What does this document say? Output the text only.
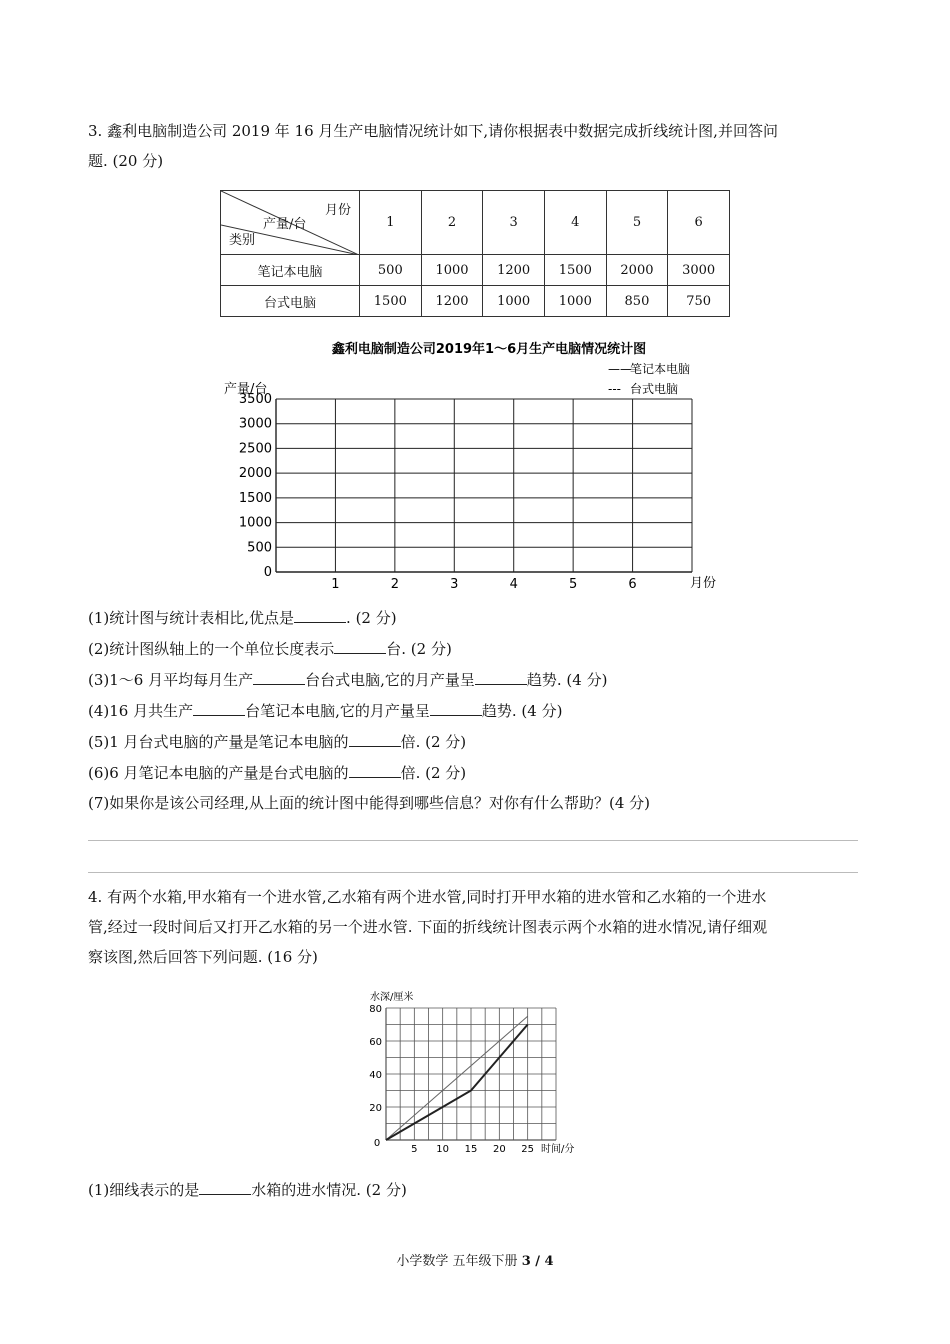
3. 鑫利电脑制造公司 2019 年 16 月生产电脑情况统计如下,请你根据表中数据完成折线统计图,并回答问
题. (20 分)
月份
产量/台
类别	1	2	3	4	5	6
笔记本电脑	500	1000	1200	1500	2000	3000
台式电脑	1500	1200	1000	1000	850	750
鑫利电脑制造公司2019年1～6月生产电脑情况统计图
——
笔记本电脑
--- 台式电脑
产量/台
月份
0
500
1000
1500
2000
2500
3000
3500
1	2	3	4	5	6
(1)统计图与统计表相比,优点是	. (2 分)
(2)统计图纵轴上的一个单位长度表示	台. (2 分)
(3)1～6 月平均每月生产	台台式电脑,它的月产量呈	趋势. (4 分)
(4)16 月共生产	台笔记本电脑,它的月产量呈	趋势. (4 分)
(5)1 月台式电脑的产量是笔记本电脑的	倍. (2 分)
(6)6 月笔记本电脑的产量是台式电脑的	倍. (2 分)
(7)如果你是该公司经理,从上面的统计图中能得到哪些信息？对你有什么帮助？(4 分)
4. 有两个水箱,甲水箱有一个进水管,乙水箱有两个进水管,同时打开甲水箱的进水管和乙水箱的一个进水
管,经过一段时间后又打开乙水箱的另一个进水管. 下面的折线统计图表示两个水箱的进水情况,请仔细观
察该图,然后回答下列问题. (16 分)
水深/厘米
时间/分
0
20
40
60
80
5 10 15 20 25
(1)细线表示的是	水箱的进水情况. (2 分)
小学数学 五年级下册 3 / 4
